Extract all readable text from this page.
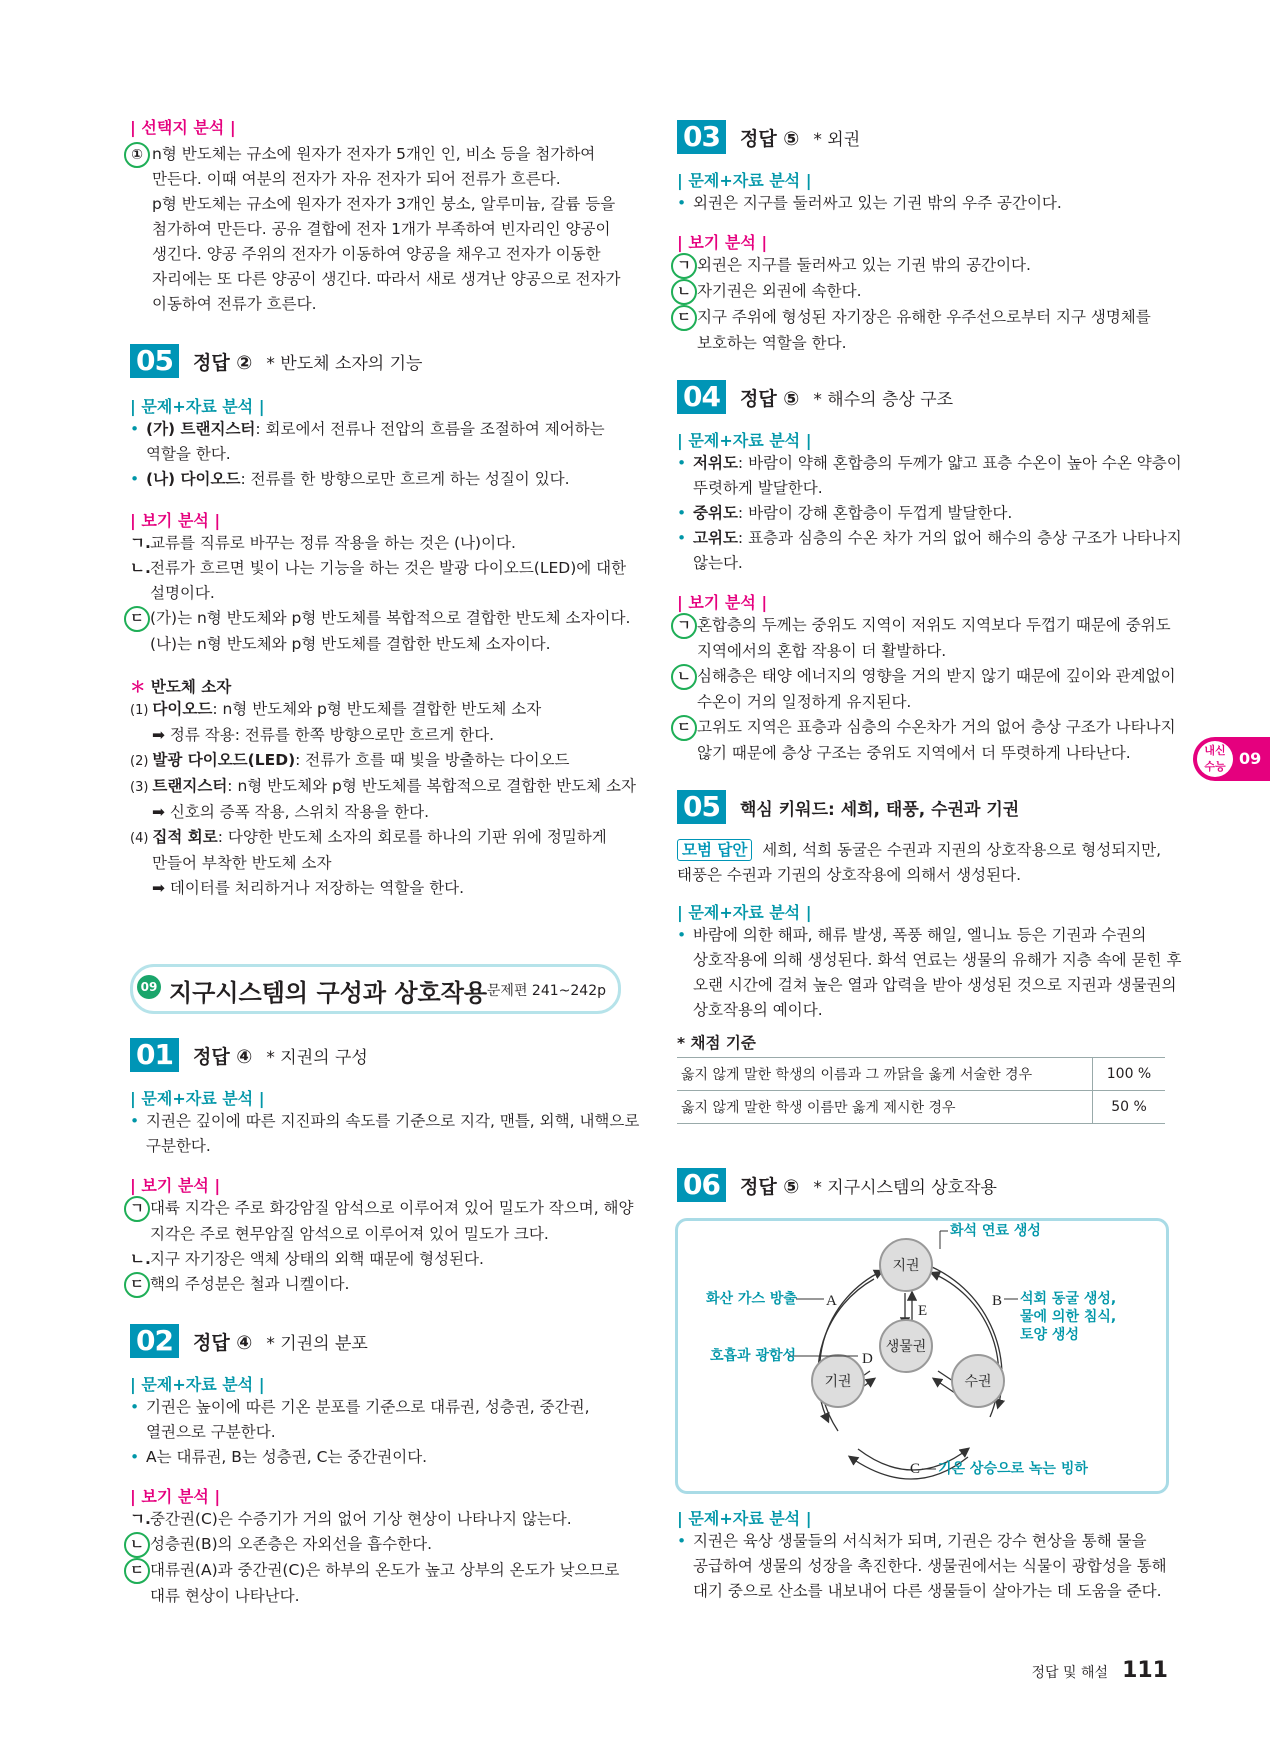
| 선택지 분석 |
① n형 반도체는 규소에 원자가 전자가 5개인 인, 비소 등을 첨가하여
만든다. 이때 여분의 전자가 자유 전자가 되어 전류가 흐른다.
p형 반도체는 규소에 원자가 전자가 3개인 붕소, 알루미늄, 갈륨 등을
첨가하여 만든다. 공유 결합에 전자 1개가 부족하여 빈자리인 양공이
생긴다. 양공 주위의 전자가 이동하여 양공을 채우고 전자가 이동한
자리에는 또 다른 양공이 생긴다. 따라서 새로 생겨난 양공으로 전자가
이동하여 전류가 흐른다.
05	정답 ② * 반도체 소자의 기능
| 문제+자료 분석 |
• (가) 트랜지스터: 회로에서 전류나 전압의 흐름을 조절하여 제어하는
역할을 한다.
• (나) 다이오드: 전류를 한 방향으로만 흐르게 하는 성질이 있다.
| 보기 분석 |
ㄱ.교류를 직류로 바꾸는 정류 작용을 하는 것은 (나)이다.
ㄴ.전류가 흐르면 빛이 나는 기능을 하는 것은 발광 다이오드(LED)에 대한
설명이다.
ㄷ (가)는 n형 반도체와 p형 반도체를 복합적으로 결합한 반도체 소자이다.
(나)는 n형 반도체와 p형 반도체를 결합한 반도체 소자이다.
＊ 반도체 소자
(1) 다이오드: n형 반도체와 p형 반도체를 결합한 반도체 소자
➡ 정류 작용: 전류를 한쪽 방향으로만 흐르게 한다.
(2) 발광 다이오드(LED): 전류가 흐를 때 빛을 방출하는 다이오드
(3) 트랜지스터: n형 반도체와 p형 반도체를 복합적으로 결합한 반도체 소자
➡ 신호의 증폭 작용, 스위치 작용을 한다.
(4) 집적 회로: 다양한 반도체 소자의 회로를 하나의 기판 위에 정밀하게
만들어 부착한 반도체 소자
➡ 데이터를 처리하거나 저장하는 역할을 한다.
09 지구시스템의 구성과 상호작용 문제편 241~242p
01	정답 ④ * 지권의 구성
| 문제+자료 분석 |
• 지권은 깊이에 따른 지진파의 속도를 기준으로 지각, 맨틀, 외핵, 내핵으로
구분한다.
| 보기 분석 |
ㄱ 대륙 지각은 주로 화강암질 암석으로 이루어져 있어 밀도가 작으며, 해양
지각은 주로 현무암질 암석으로 이루어져 있어 밀도가 크다.
ㄴ.지구 자기장은 액체 상태의 외핵 때문에 형성된다.
ㄷ 핵의 주성분은 철과 니켈이다.
02	정답 ④ * 기권의 분포
| 문제+자료 분석 |
• 기권은 높이에 따른 기온 분포를 기준으로 대류권, 성층권, 중간권,
열권으로 구분한다.
• A는 대류권, B는 성층권, C는 중간권이다.
| 보기 분석 |
ㄱ.중간권(C)은 수증기가 거의 없어 기상 현상이 나타나지 않는다.
ㄴ 성층권(B)의 오존층은 자외선을 흡수한다.
ㄷ 대류권(A)과 중간권(C)은 하부의 온도가 높고 상부의 온도가 낮으므로
대류 현상이 나타난다.
03	정답 ⑤ * 외권
| 문제+자료 분석 |
• 외권은 지구를 둘러싸고 있는 기권 밖의 우주 공간이다.
| 보기 분석 |
ㄱ 외권은 지구를 둘러싸고 있는 기권 밖의 공간이다.
ㄴ 자기권은 외권에 속한다.
ㄷ 지구 주위에 형성된 자기장은 유해한 우주선으로부터 지구 생명체를
보호하는 역할을 한다.
04	정답 ⑤ * 해수의 층상 구조
| 문제+자료 분석 |
• 저위도: 바람이 약해 혼합층의 두께가 얇고 표층 수온이 높아 수온 약층이
뚜렷하게 발달한다.
• 중위도: 바람이 강해 혼합층이 두껍게 발달한다.
• 고위도: 표층과 심층의 수온 차가 거의 없어 해수의 층상 구조가 나타나지
않는다.
| 보기 분석 |
ㄱ 혼합층의 두께는 중위도 지역이 저위도 지역보다 두껍기 때문에 중위도
지역에서의 혼합 작용이 더 활발하다.
ㄴ 심해층은 태양 에너지의 영향을 거의 받지 않기 때문에 깊이와 관계없이
수온이 거의 일정하게 유지된다.
ㄷ 고위도 지역은 표층과 심층의 수온차가 거의 없어 층상 구조가 나타나지
않기 때문에 층상 구조는 중위도 지역에서 더 뚜렷하게 나타난다.
05	핵심 키워드: 세희, 태풍, 수권과 기권
모범 답안 세희, 석희 동굴은 수권과 지권의 상호작용으로 형성되지만,
태풍은 수권과 기권의 상호작용에 의해서 생성된다.
| 문제+자료 분석 |
• 바람에 의한 해파, 해류 발생, 폭풍 해일, 엘니뇨 등은 기권과 수권의
상호작용에 의해 생성된다. 화석 연료는 생물의 유해가 지층 속에 묻힌 후
오랜 시간에 걸쳐 높은 열과 압력을 받아 생성된 것으로 지권과 생물권의
상호작용의 예이다.
* 채점 기준
옳지 않게 말한 학생의 이름과 그 까닭을 옳게 서술한 경우	100 %
옳지 않게 말한 학생 이름만 옳게 제시한 경우	50 %
06	정답 ⑤ * 지구시스템의 상호작용
지권
생물권
기권	수권
A	B
E
D
C
화석 연료 생성
화산 가스 방출
호흡과 광합성
석회 동굴 생성,
물에 의한 침식,
토양 생성
기온 상승으로 녹는 빙하
| 문제+자료 분석 |
• 지권은 육상 생물들의 서식처가 되며, 기권은 강수 현상을 통해 물을
공급하여 생물의 성장을 촉진한다. 생물권에서는 식물이 광합성을 통해
대기 중으로 산소를 내보내어 다른 생물들이 살아가는 데 도움을 준다.
내신
수능 09
정답 및 해설 111
